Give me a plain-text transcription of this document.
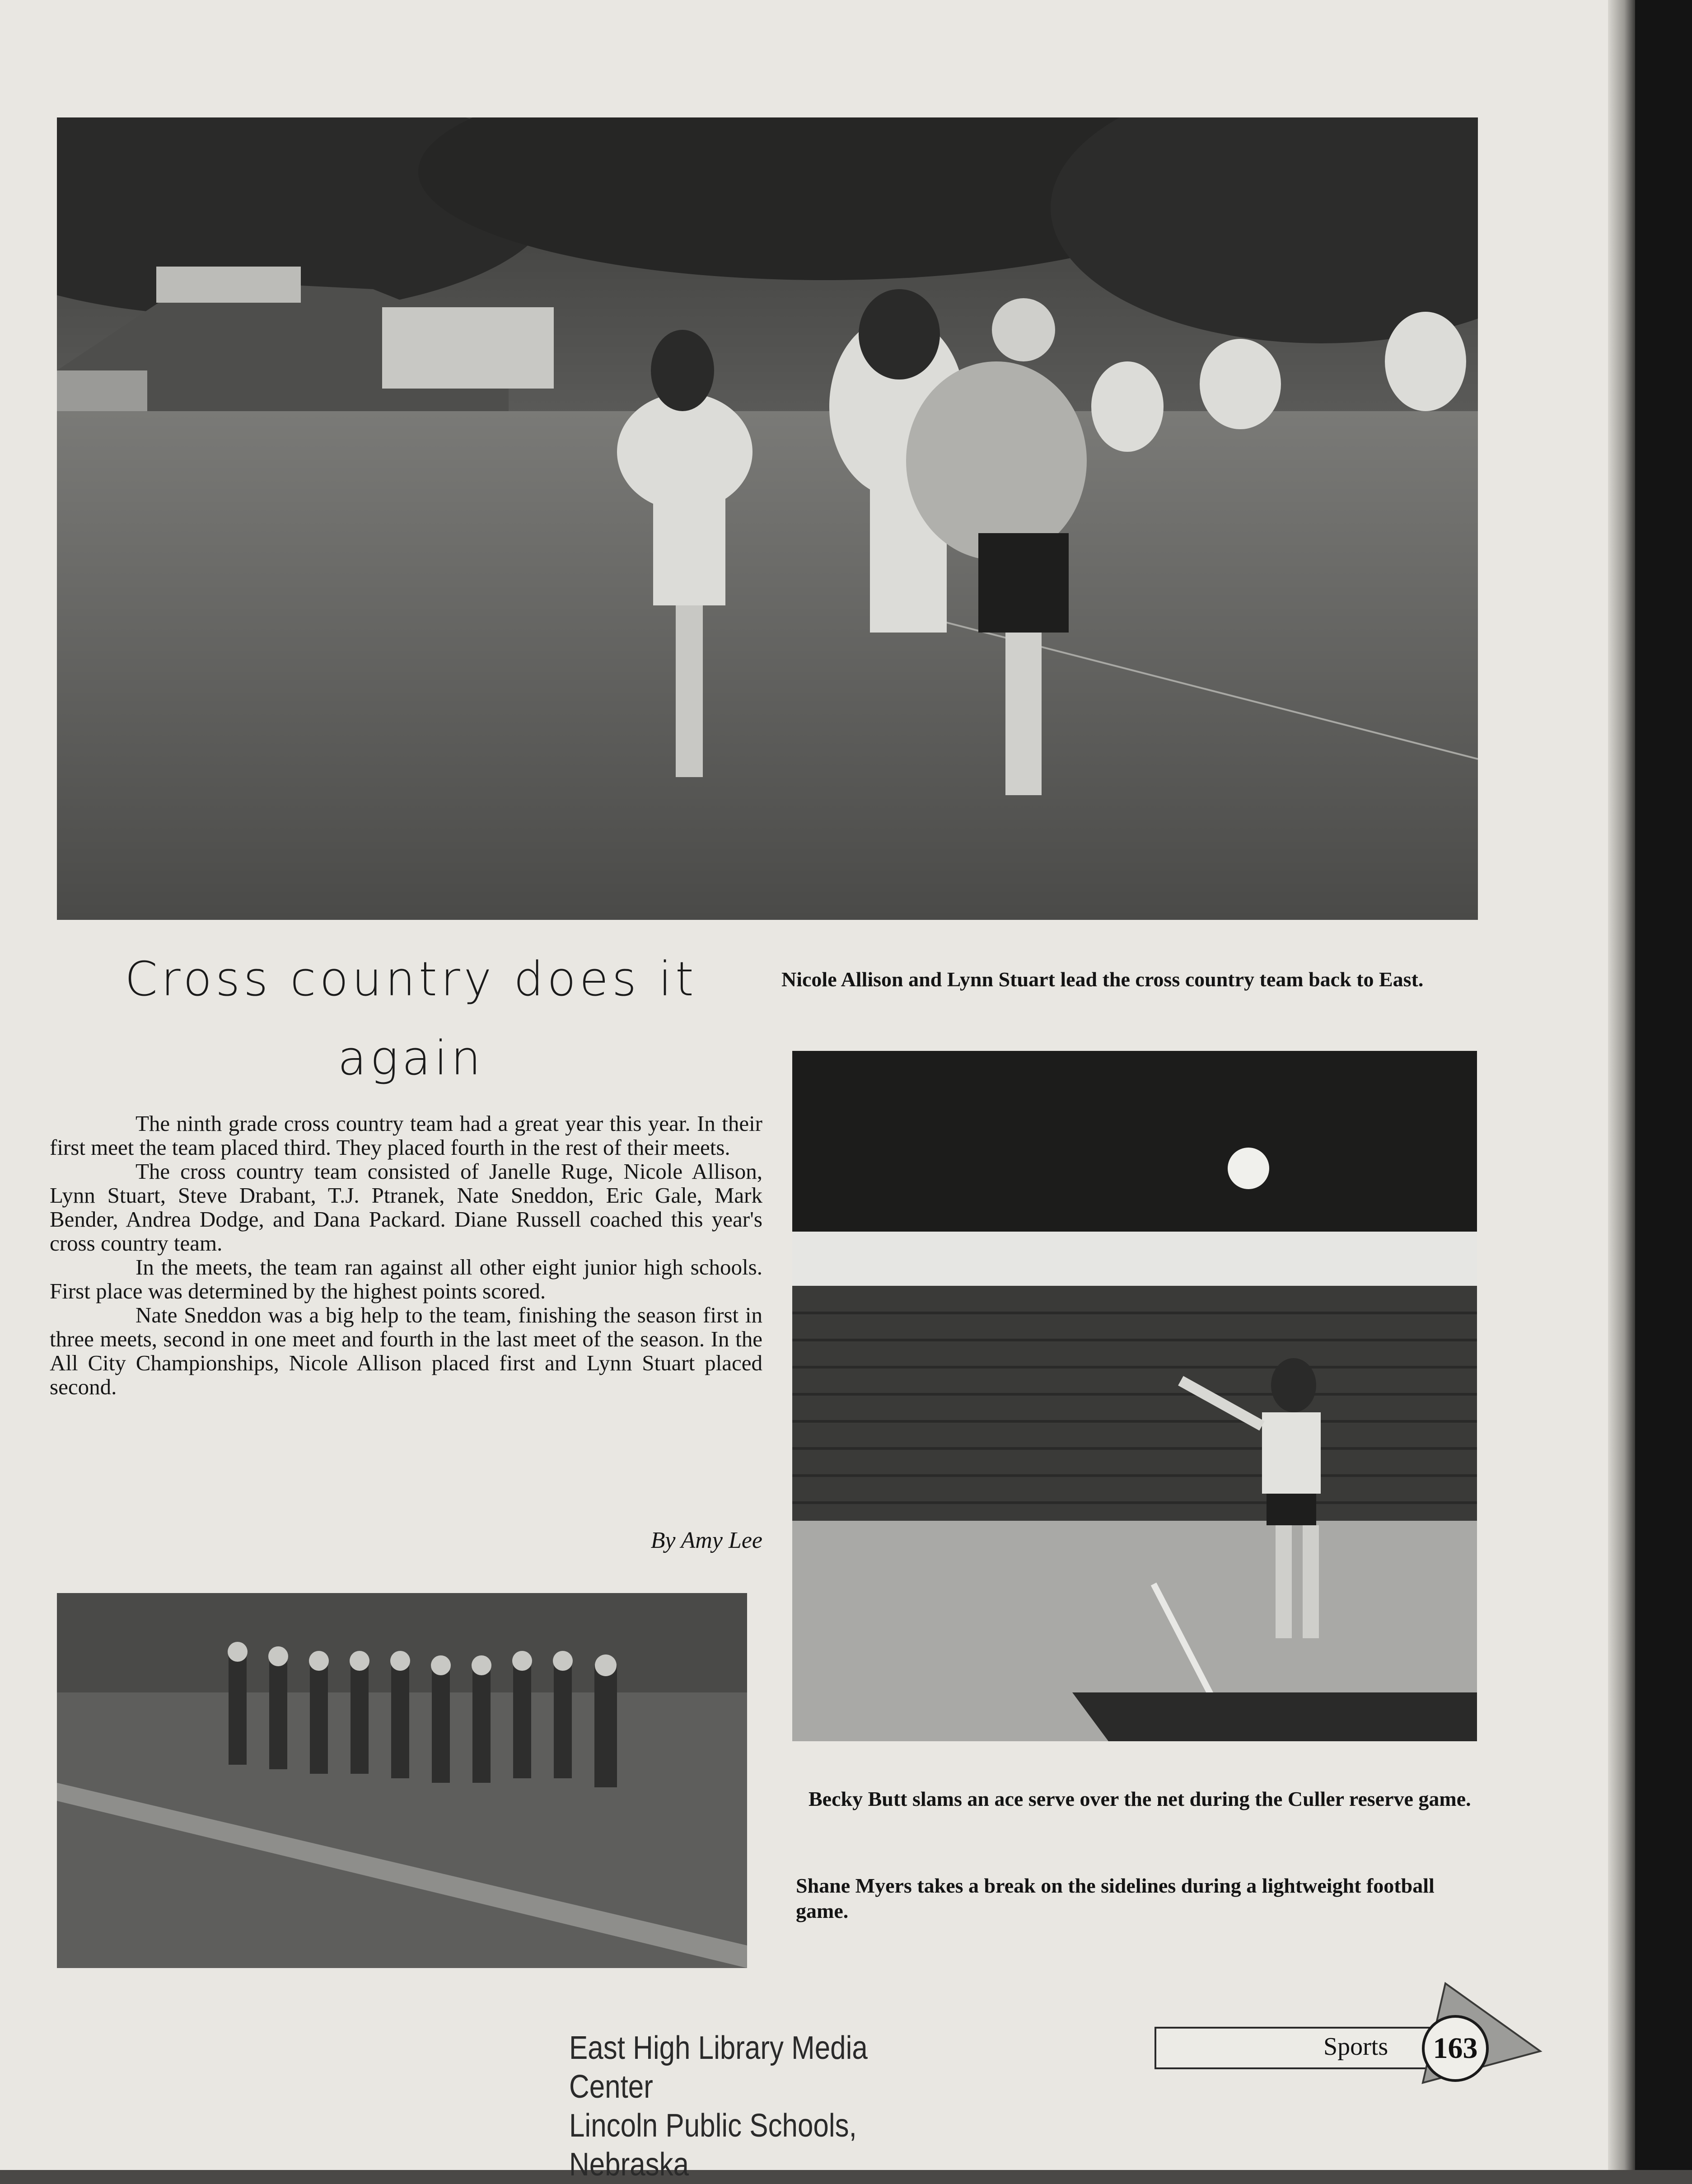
Cross country does it
again
Nicole Allison and Lynn Stuart lead the cross country team back to East.

The ninth grade cross country team had a great year this year. In their first meet the team placed third. They placed fourth in the rest of their meets.

The cross country team consisted of Janelle Ruge, Nicole Allison, Lynn Stuart, Steve Drabant, T.J. Ptranek, Nate Sneddon, Eric Gale, Mark Bender, Andrea Dodge, and Dana Packard. Diane Russell coached this year's cross country team.

In the meets, the team ran against all other eight junior high schools. First place was determined by the highest points scored.

Nate Sneddon was a big help to the team, finishing the season first in three meets, second in one meet and fourth in the last meet of the season. In the All City Championships, Nicole Allison placed first and Lynn Stuart placed second.

By Amy Lee
Becky Butt slams an ace serve over the net during the Culler reserve game.
Shane Myers takes a break on the sidelines during a lightweight football game.
East High Library Media Center
Lincoln Public Schools, Nebraska
Sports	163
